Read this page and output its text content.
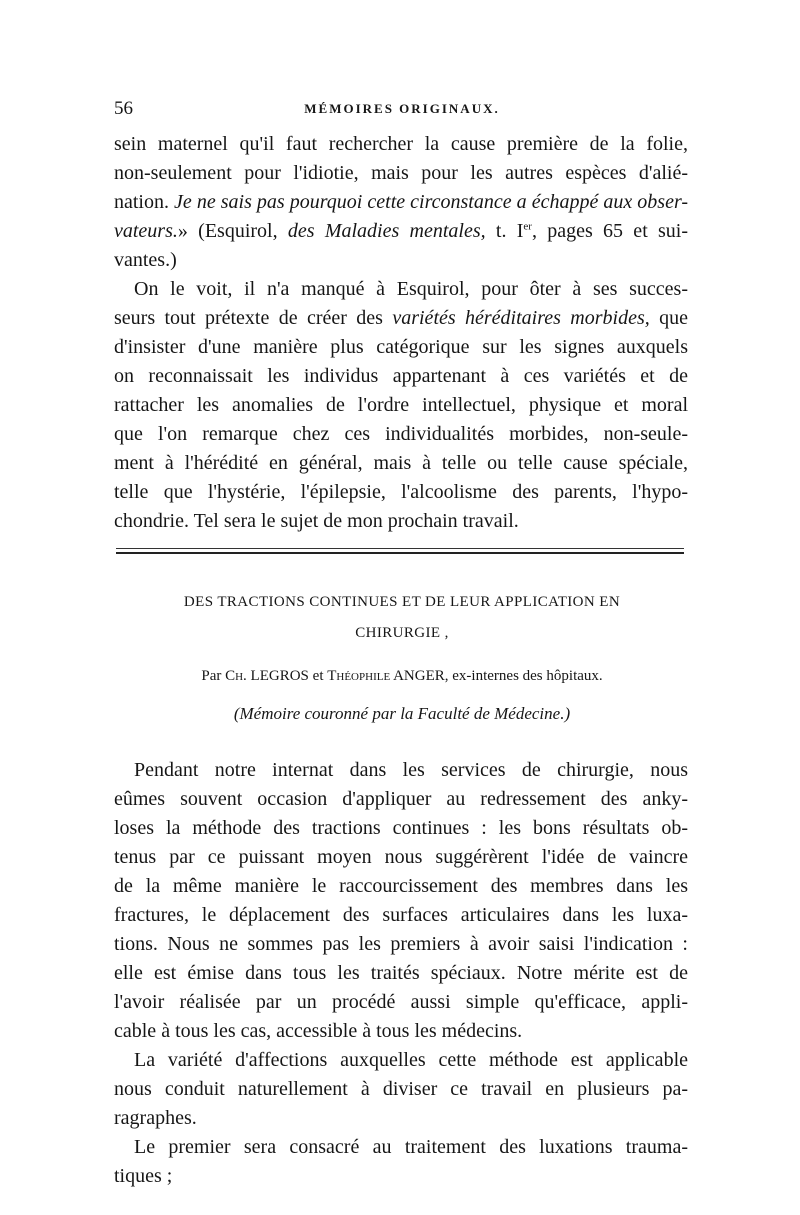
56	MÉMOIRES ORIGINAUX.
sein maternel qu'il faut rechercher la cause première de la folie,
non-seulement pour l'idiotie, mais pour les autres espèces d'alié-
nation. Je ne sais pas pourquoi cette circonstance a échappé aux obser-
vateurs.» (Esquirol, des Maladies mentales, t. Ier, pages 65 et sui-
vantes.)
On le voit, il n'a manqué à Esquirol, pour ôter à ses succes-
seurs tout prétexte de créer des variétés héréditaires morbides, que
d'insister d'une manière plus catégorique sur les signes auxquels
on reconnaissait les individus appartenant à ces variétés et de
rattacher les anomalies de l'ordre intellectuel, physique et moral
que l'on remarque chez ces individualités morbides, non-seule-
ment à l'hérédité en général, mais à telle ou telle cause spéciale,
telle que l'hystérie, l'épilepsie, l'alcoolisme des parents, l'hypo-
chondrie. Tel sera le sujet de mon prochain travail.
DES TRACTIONS CONTINUES ET DE LEUR APPLICATION EN
CHIRURGIE ,
Par Ch. LEGROS et Théophile ANGER, ex-internes des hôpitaux.
(Mémoire couronné par la Faculté de Médecine.)
Pendant notre internat dans les services de chirurgie, nous
eûmes souvent occasion d'appliquer au redressement des anky-
loses la méthode des tractions continues : les bons résultats ob-
tenus par ce puissant moyen nous suggérèrent l'idée de vaincre
de la même manière le raccourcissement des membres dans les
fractures, le déplacement des surfaces articulaires dans les luxa-
tions. Nous ne sommes pas les premiers à avoir saisi l'indication :
elle est émise dans tous les traités spéciaux. Notre mérite est de
l'avoir réalisée par un procédé aussi simple qu'efficace, appli-
cable à tous les cas, accessible à tous les médecins.
La variété d'affections auxquelles cette méthode est applicable
nous conduit naturellement à diviser ce travail en plusieurs pa-
ragraphes.
Le premier sera consacré au traitement des luxations trauma-
tiques ;
